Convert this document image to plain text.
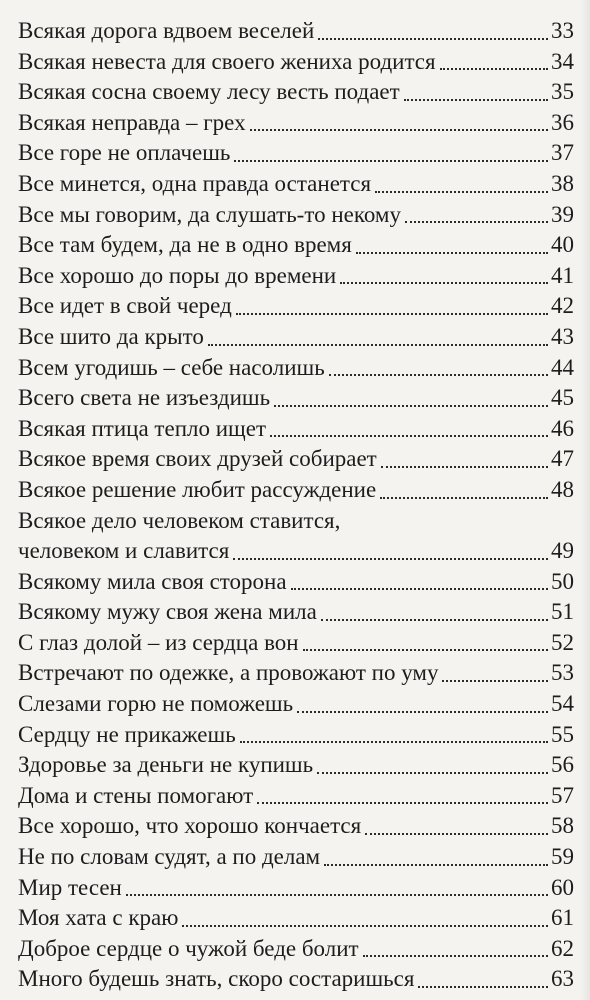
Всякая дорога вдвоем веселей	33
Всякая невеста для своего жениха родится	34
Всякая сосна своему лесу весть подает	35
Всякая неправда – грех	36
Все горе не оплачешь	37
Все минется, одна правда останется	38
Все мы говорим, да слушать-то некому	39
Все там будем, да не в одно время	40
Все хорошо до поры до времени	41
Все идет в свой черед	42
Все шито да крыто	43
Всем угодишь – себе насолишь	44
Всего света не изъездишь	45
Всякая птица тепло ищет	46
Всякое время своих друзей собирает	47
Всякое решение любит рассуждение	48
Всякое дело человеком ставится,
человеком и славится	49
Всякому мила своя сторона	50
Всякому мужу своя жена мила	51
С глаз долой – из сердца вон	52
Встречают по одежке, а провожают по уму	53
Слезами горю не поможешь	54
Сердцу не прикажешь	55
Здоровье за деньги не купишь	56
Дома и стены помогают	57
Все хорошо, что хорошо кончается	58
Не по словам судят, а по делам	59
Мир тесен	60
Моя хата с краю	61
Доброе сердце о чужой беде болит	62
Много будешь знать, скоро состаришься	63
